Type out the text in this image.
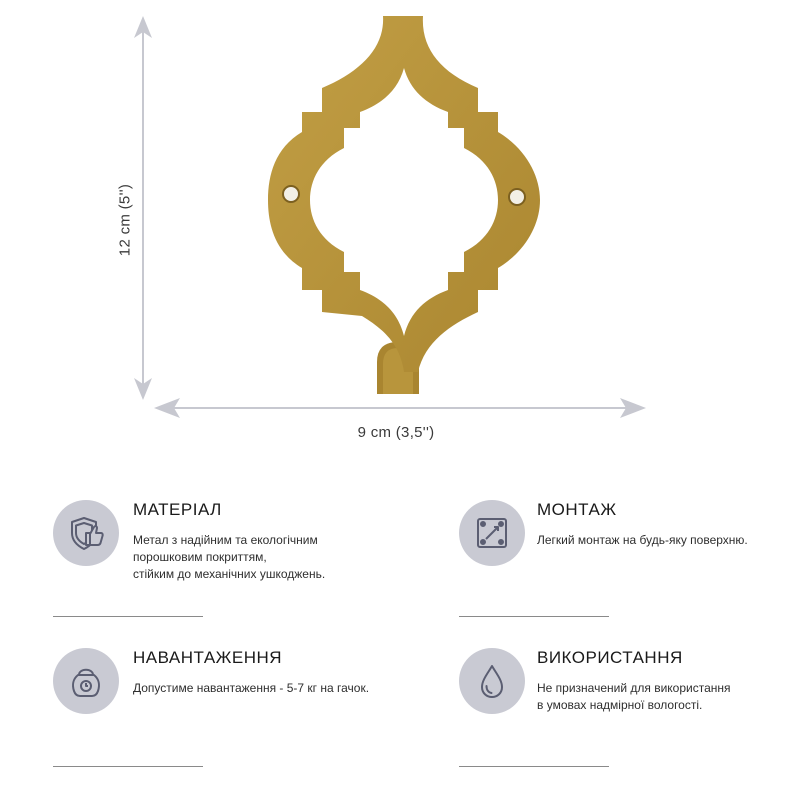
12 cm (5'')
9 cm (3,5'')
МАТЕРІАЛ
Метал з надійним та екологічним
порошковим покриттям,
стійким до механічних ушкоджень.
МОНТАЖ
Легкий монтаж на будь-яку поверхню.
НАВАНТАЖЕННЯ
Допустиме навантаження - 5-7 кг на гачок.
ВИКОРИСТАННЯ
Не призначений для використання
в умовах надмірної вологості.
